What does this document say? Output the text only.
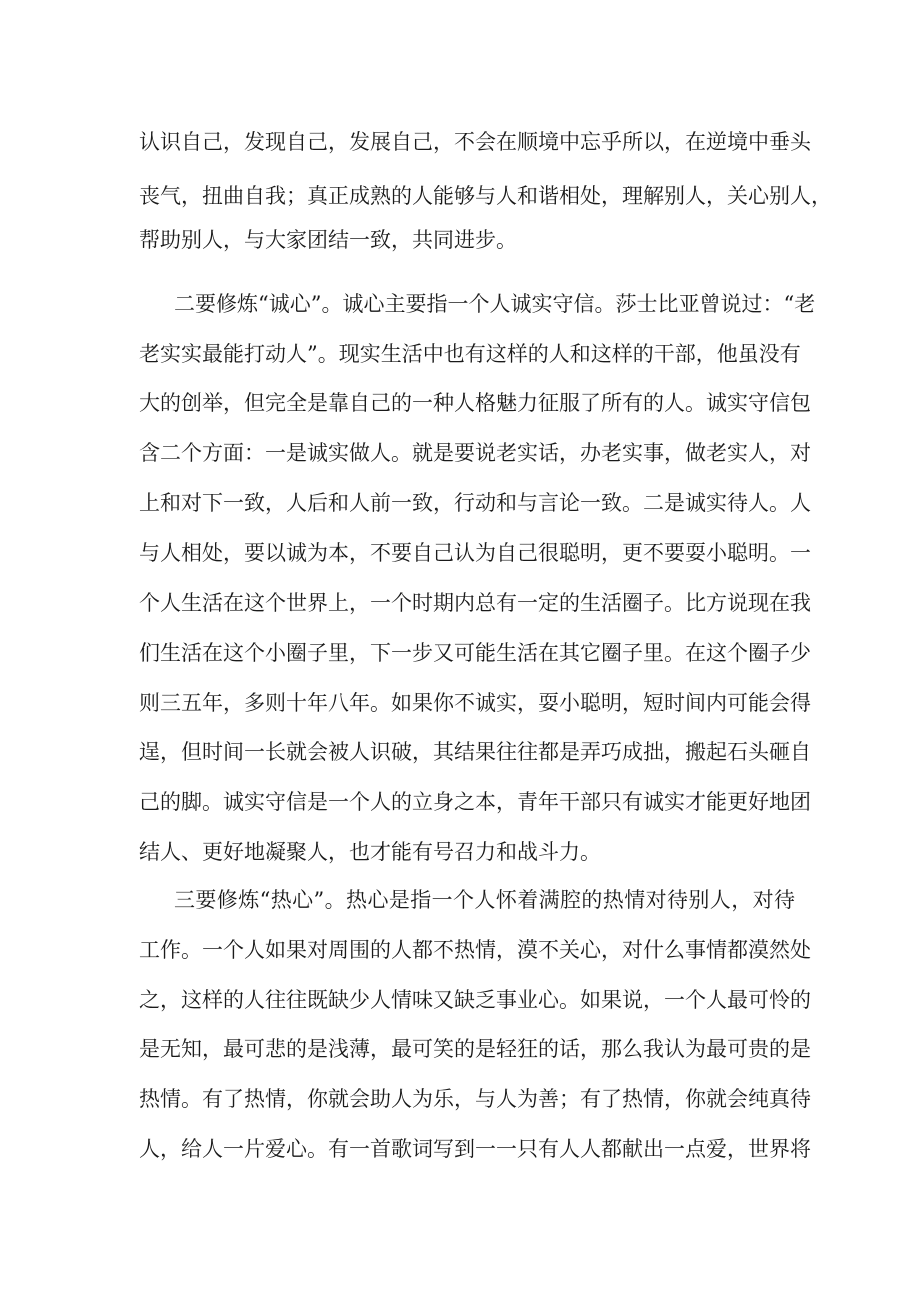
认识自己，发现自己，发展自己，不会在顺境中忘乎所以，在逆境中垂头
丧气，扭曲自我；真正成熟的人能够与人和谐相处，理解别人，关心别人，
帮助别人，与大家团结一致，共同进步。
二要修炼“诚心”。诚心主要指一个人诚实守信。莎士比亚曾说过：“老
老实实最能打动人”。现实生活中也有这样的人和这样的干部，他虽没有
大的创举，但完全是靠自己的一种人格魅力征服了所有的人。诚实守信包
含二个方面：一是诚实做人。就是要说老实话，办老实事，做老实人，对
上和对下一致，人后和人前一致，行动和与言论一致。二是诚实待人。人
与人相处，要以诚为本，不要自己认为自己很聪明，更不要耍小聪明。一
个人生活在这个世界上，一个时期内总有一定的生活圈子。比方说现在我
们生活在这个小圈子里，下一步又可能生活在其它圈子里。在这个圈子少
则三五年，多则十年八年。如果你不诚实，耍小聪明，短时间内可能会得
逞，但时间一长就会被人识破，其结果往往都是弄巧成拙，搬起石头砸自
己的脚。诚实守信是一个人的立身之本，青年干部只有诚实才能更好地团
结人、更好地凝聚人，也才能有号召力和战斗力。
三要修炼“热心”。热心是指一个人怀着满腔的热情对待别人，对待
工作。一个人如果对周围的人都不热情，漠不关心，对什么事情都漠然处
之，这样的人往往既缺少人情味又缺乏事业心。如果说，一个人最可怜的
是无知，最可悲的是浅薄，最可笑的是轻狂的话，那么我认为最可贵的是
热情。有了热情，你就会助人为乐，与人为善；有了热情，你就会纯真待
人，给人一片爱心。有一首歌词写到一一只有人人都献出一点爱，世界将
